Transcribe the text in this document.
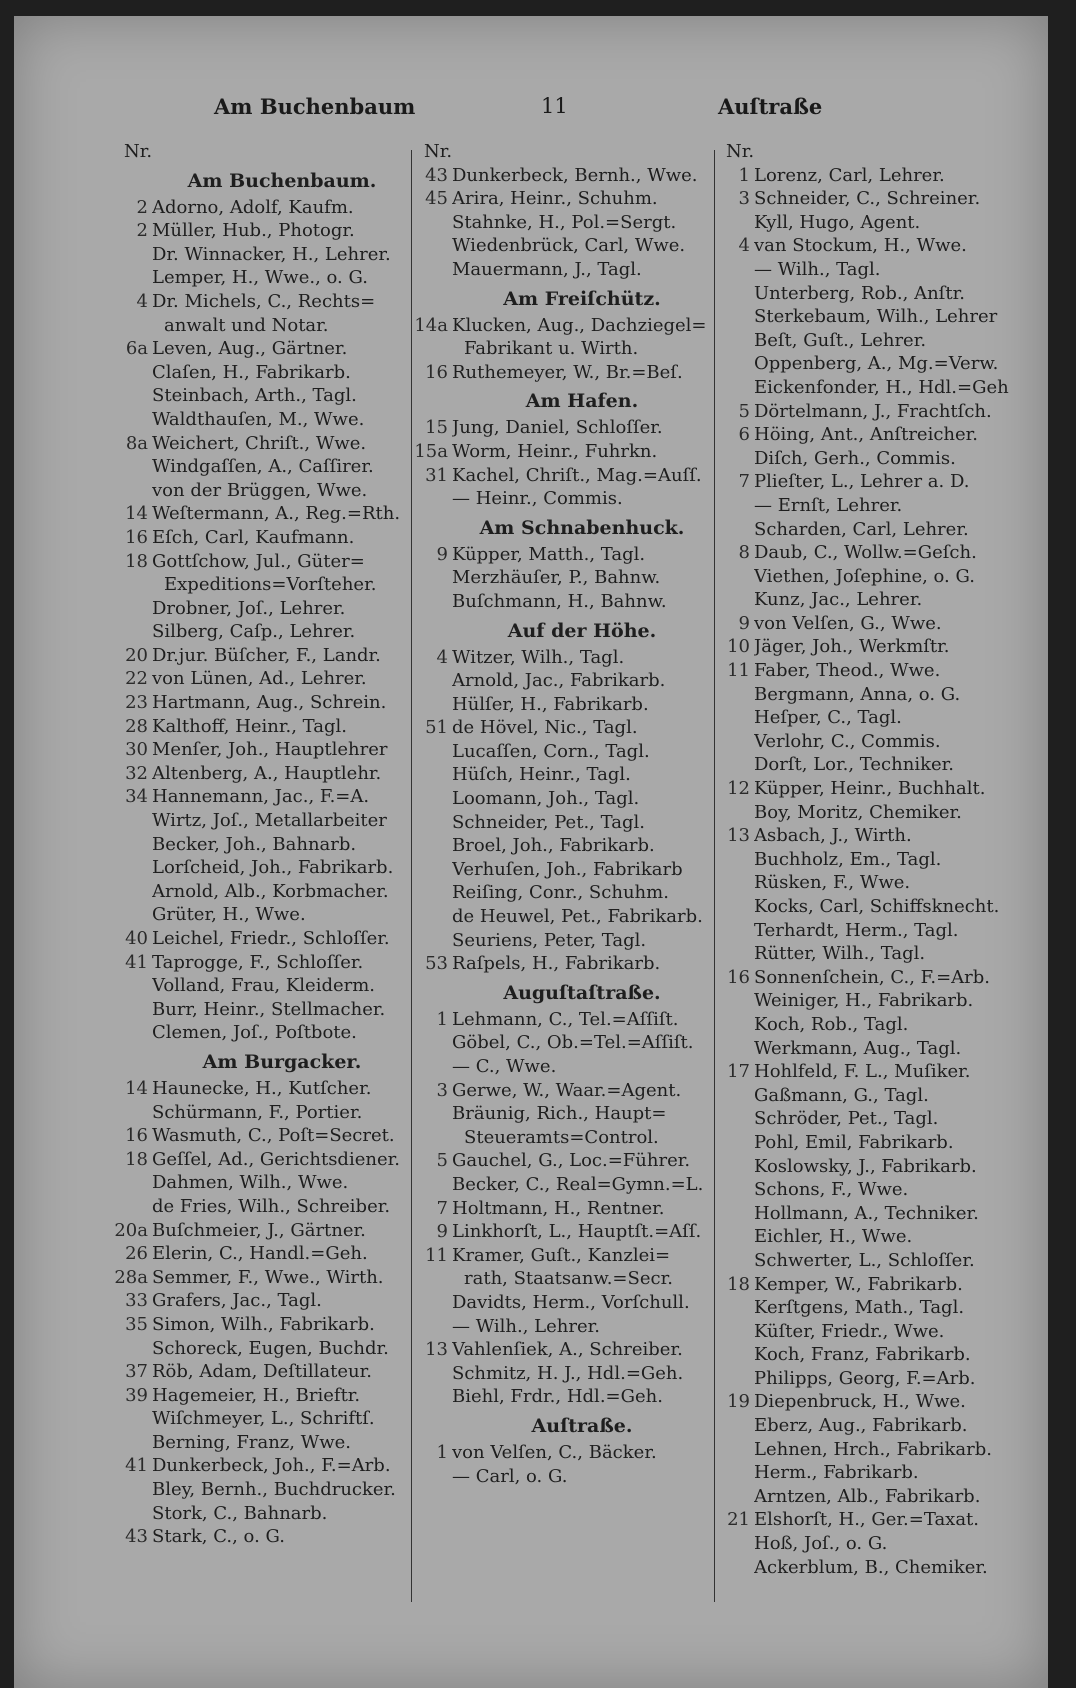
Am Buchenbaum	11	Auſtraße
Nr.
Am Buchenbaum.
2 Adorno, Adolf, Kaufm.
2 Müller, Hub., Photogr.
Dr. Winnacker, H., Lehrer.
Lemper, H., Wwe., o. G.
4 Dr. Michels, C., Rechts=
anwalt und Notar.
6a Leven, Aug., Gärtner.
Claſen, H., Fabrikarb.
Steinbach, Arth., Tagl.
Waldthauſen, M., Wwe.
8a Weichert, Chriſt., Wwe.
Windgaſſen, A., Caſſirer.
von der Brüggen, Wwe.
14 Weſtermann, A., Reg.=Rth.
16 Eſch, Carl, Kaufmann.
18 Gottſchow, Jul., Güter=
Expeditions=Vorſteher.
Drobner, Joſ., Lehrer.
Silberg, Caſp., Lehrer.
20 Dr.jur. Büſcher, F., Landr.
22 von Lünen, Ad., Lehrer.
23 Hartmann, Aug., Schrein.
28 Kalthoff, Heinr., Tagl.
30 Menſer, Joh., Hauptlehrer
32 Altenberg, A., Hauptlehr.
34 Hannemann, Jac., F.=A.
Wirtz, Joſ., Metallarbeiter
Becker, Joh., Bahnarb.
Lorſcheid, Joh., Fabrikarb.
Arnold, Alb., Korbmacher.
Grüter, H., Wwe.
40 Leichel, Friedr., Schloſſer.
41 Taprogge, F., Schloſſer.
Volland, Frau, Kleiderm.
Burr, Heinr., Stellmacher.
Clemen, Joſ., Poſtbote.
Am Burgacker.
14 Haunecke, H., Kutſcher.
Schürmann, F., Portier.
16 Wasmuth, C., Poſt=Secret.
18 Geſſel, Ad., Gerichtsdiener.
Dahmen, Wilh., Wwe.
de Fries, Wilh., Schreiber.
20a Buſchmeier, J., Gärtner.
26 Elerin, C., Handl.=Geh.
28a Semmer, F., Wwe., Wirth.
33 Grafers, Jac., Tagl.
35 Simon, Wilh., Fabrikarb.
Schoreck, Eugen, Buchdr.
37 Röb, Adam, Deſtillateur.
39 Hagemeier, H., Brieftr.
Wiſchmeyer, L., Schriftſ.
Berning, Franz, Wwe.
41 Dunkerbeck, Joh., F.=Arb.
Bley, Bernh., Buchdrucker.
Stork, C., Bahnarb.
43 Stark, C., o. G.
Nr.
43 Dunkerbeck, Bernh., Wwe.
45 Arira, Heinr., Schuhm.
Stahnke, H., Pol.=Sergt.
Wiedenbrück, Carl, Wwe.
Mauermann, J., Tagl.
Am Freiſchütz.
14a Klucken, Aug., Dachziegel=
Fabrikant u. Wirth.
16 Ruthemeyer, W., Br.=Beſ.
Am Hafen.
15 Jung, Daniel, Schloſſer.
15a Worm, Heinr., Fuhrkn.
31 Kachel, Chriſt., Mag.=Auſſ.
— Heinr., Commis.
Am Schnabenhuck.
9 Küpper, Matth., Tagl.
Merzhäuſer, P., Bahnw.
Buſchmann, H., Bahnw.
Auf der Höhe.
4 Witzer, Wilh., Tagl.
Arnold, Jac., Fabrikarb.
Hülſer, H., Fabrikarb.
51 de Hövel, Nic., Tagl.
Lucaſſen, Corn., Tagl.
Hüſch, Heinr., Tagl.
Loomann, Joh., Tagl.
Schneider, Pet., Tagl.
Broel, Joh., Fabrikarb.
Verhuſen, Joh., Fabrikarb
Reiſing, Conr., Schuhm.
de Heuwel, Pet., Fabrikarb.
Seuriens, Peter, Tagl.
53 Raſpels, H., Fabrikarb.
Auguſtaſtraße.
1 Lehmann, C., Tel.=Aſſiſt.
Göbel, C., Ob.=Tel.=Aſſiſt.
— C., Wwe.
3 Gerwe, W., Waar.=Agent.
Bräunig, Rich., Haupt=
Steueramts=Control.
5 Gauchel, G., Loc.=Führer.
Becker, C., Real=Gymn.=L.
7 Holtmann, H., Rentner.
9 Linkhorſt, L., Hauptſt.=Aſſ.
11 Kramer, Guſt., Kanzlei=
rath, Staatsanw.=Secr.
Davidts, Herm., Vorſchull.
— Wilh., Lehrer.
13 Vahlenſiek, A., Schreiber.
Schmitz, H. J., Hdl.=Geh.
Biehl, Frdr., Hdl.=Geh.
Auſtraße.
1 von Velſen, C., Bäcker.
— Carl, o. G.
Nr.
1 Lorenz, Carl, Lehrer.
3 Schneider, C., Schreiner.
Kyll, Hugo, Agent.
4 van Stockum, H., Wwe.
— Wilh., Tagl.
Unterberg, Rob., Anſtr.
Sterkebaum, Wilh., Lehrer
Beſt, Guſt., Lehrer.
Oppenberg, A., Mg.=Verw.
Eickenfonder, H., Hdl.=Geh
5 Dörtelmann, J., Frachtſch.
6 Höing, Ant., Anſtreicher.
Diſch, Gerh., Commis.
7 Plieſter, L., Lehrer a. D.
— Ernſt, Lehrer.
Scharden, Carl, Lehrer.
8 Daub, C., Wollw.=Geſch.
Viethen, Joſephine, o. G.
Kunz, Jac., Lehrer.
9 von Velſen, G., Wwe.
10 Jäger, Joh., Werkmſtr.
11 Faber, Theod., Wwe.
Bergmann, Anna, o. G.
Heſper, C., Tagl.
Verlohr, C., Commis.
Dorſt, Lor., Techniker.
12 Küpper, Heinr., Buchhalt.
Boy, Moritz, Chemiker.
13 Asbach, J., Wirth.
Buchholz, Em., Tagl.
Rüsken, F., Wwe.
Kocks, Carl, Schiffsknecht.
Terhardt, Herm., Tagl.
Rütter, Wilh., Tagl.
16 Sonnenſchein, C., F.=Arb.
Weiniger, H., Fabrikarb.
Koch, Rob., Tagl.
Werkmann, Aug., Tagl.
17 Hohlfeld, F. L., Muſiker.
Gaßmann, G., Tagl.
Schröder, Pet., Tagl.
Pohl, Emil, Fabrikarb.
Koslowsky, J., Fabrikarb.
Schons, F., Wwe.
Hollmann, A., Techniker.
Eichler, H., Wwe.
Schwerter, L., Schloſſer.
18 Kemper, W., Fabrikarb.
Kerſtgens, Math., Tagl.
Küſter, Friedr., Wwe.
Koch, Franz, Fabrikarb.
Philipps, Georg, F.=Arb.
19 Diepenbruck, H., Wwe.
Eberz, Aug., Fabrikarb.
Lehnen, Hrch., Fabrikarb.
Herm., Fabrikarb.
Arntzen, Alb., Fabrikarb.
21 Elshorſt, H., Ger.=Taxat.
Hoß, Joſ., o. G.
Ackerblum, B., Chemiker.
